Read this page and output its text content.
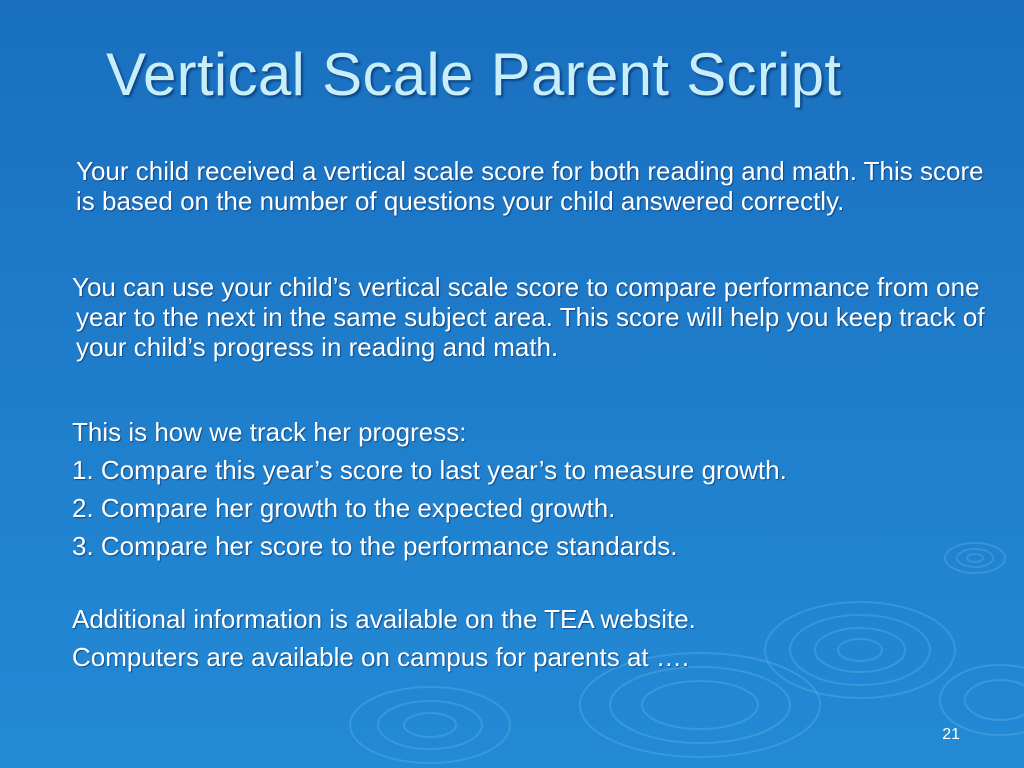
Vertical Scale Parent Script

Your child received a vertical scale score for both reading and math. This score is based on the number of questions your child answered correctly.

You can use your child’s vertical scale score to compare performance from one year to the next in the same subject area. This score will help you keep track of your child’s progress in reading and math.

This is how we track her progress:
1. Compare this year’s score to last year’s to measure growth.
2. Compare her growth to the expected growth.
3. Compare her score to the performance standards.
Additional information is available on the TEA website.
Computers are available on campus for parents at ….
21
